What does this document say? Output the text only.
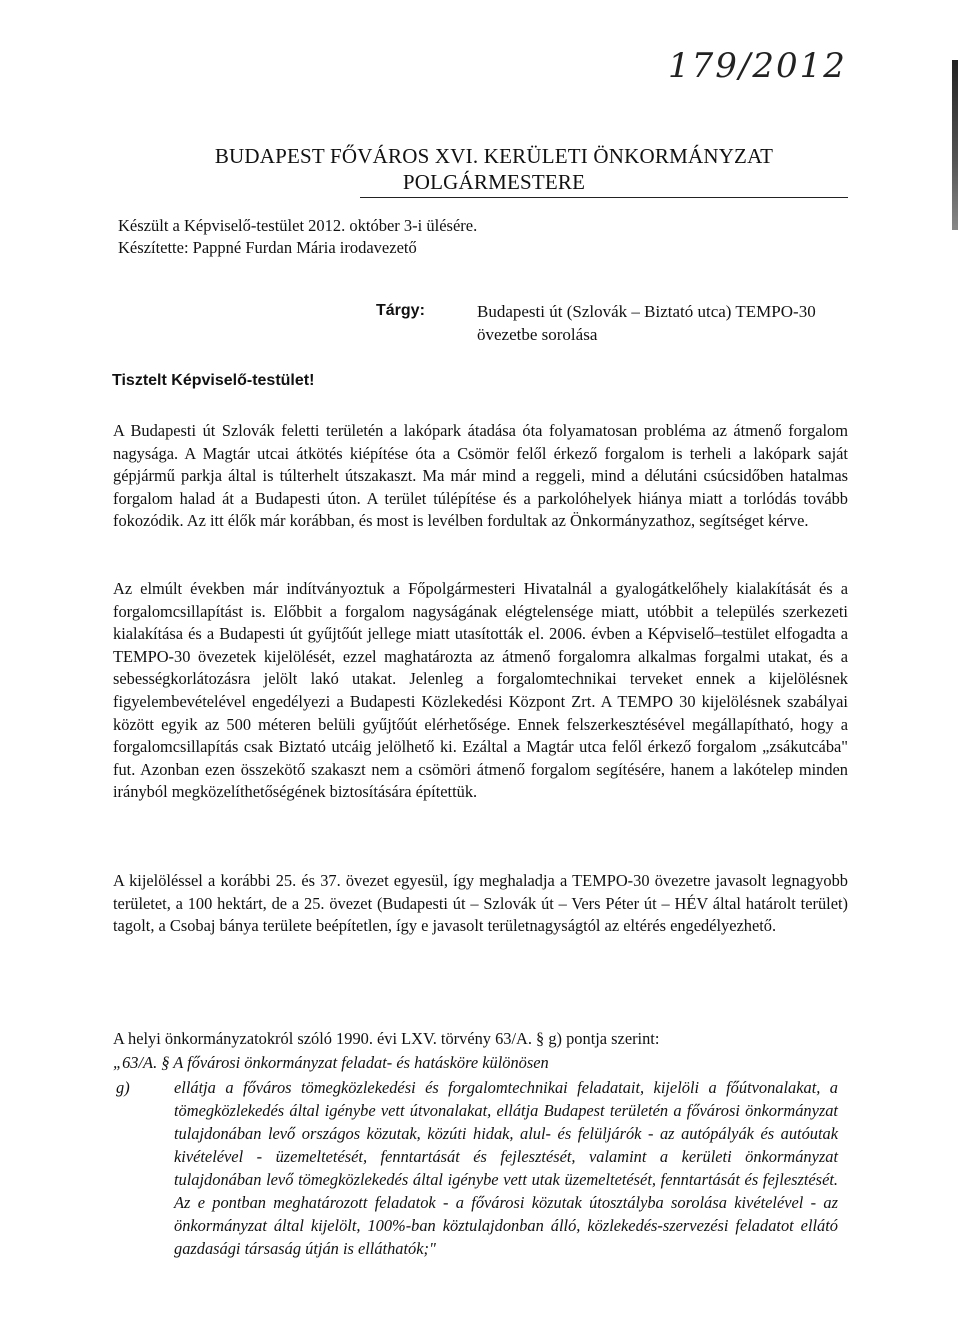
179/2012
BUDAPEST FŐVÁROS XVI. KERÜLETI ÖNKORMÁNYZAT
POLGÁRMESTERE
Készült a Képviselő-testület 2012. október 3-i ülésére.
Készítette: Pappné Furdan Mária irodavezető
Tárgy:	Budapesti út (Szlovák – Biztató utca) TEMPO-30 övezetbe sorolása
Tisztelt Képviselő-testület!
A Budapesti út Szlovák feletti területén a lakópark átadása óta folyamatosan probléma az átmenő forgalom nagysága. A Magtár utcai átkötés kiépítése óta a Csömör felől érkező forgalom is terheli a lakópark saját gépjármű parkja által is túlterhelt útszakaszt. Ma már mind a reggeli, mind a délutáni csúcsidőben hatalmas forgalom halad át a Budapesti úton. A terület túlépítése és a parkolóhelyek hiánya miatt a torlódás tovább fokozódik. Az itt élők már korábban, és most is levélben fordultak az Önkormányzathoz, segítséget kérve.
Az elmúlt években már indítványoztuk a Főpolgármesteri Hivatalnál a gyalogátkelőhely kialakítását és a forgalomcsillapítást is. Előbbit a forgalom nagyságának elégtelensége miatt, utóbbit a település szerkezeti kialakítása és a Budapesti út gyűjtőút jellege miatt utasították el. 2006. évben a Képviselő–testület elfogadta a TEMPO-30 övezetek kijelölését, ezzel maghatározta az átmenő forgalomra alkalmas forgalmi utakat, és a sebességkorlátozásra jelölt lakó utakat. Jelenleg a forgalomtechnikai terveket ennek a kijelölésnek figyelembevételével engedélyezi a Budapesti Közlekedési Központ Zrt. A TEMPO 30 kijelölésnek szabályai között egyik az 500 méteren belüli gyűjtőút elérhetősége. Ennek felszerkesztésével megállapítható, hogy a forgalomcsillapítás csak Biztató utcáig jelölhető ki. Ezáltal a Magtár utca felől érkező forgalom „zsákutcába" fut. Azonban ezen összekötő szakaszt nem a csömöri átmenő forgalom segítésére, hanem a lakótelep minden irányból megközelíthetőségének biztosítására építettük.
A kijelöléssel a korábbi 25. és 37. övezet egyesül, így meghaladja a TEMPO-30 övezetre javasolt legnagyobb területet, a 100 hektárt, de a 25. övezet (Budapesti út – Szlovák út – Vers Péter út – HÉV által határolt terület) tagolt, a Csobaj bánya területe beépítetlen, így e javasolt területnagyságtól az eltérés engedélyezhető.
A helyi önkormányzatokról szóló 1990. évi LXV. törvény 63/A. § g) pontja szerint:
„63/A. § A fővárosi önkormányzat feladat- és hatásköre különösen
g)	ellátja a főváros tömegközlekedési és forgalomtechnikai feladatait, kijelöli a főútvonalakat, a tömegközlekedés által igénybe vett útvonalakat, ellátja Budapest területén a fővárosi önkormányzat tulajdonában levő országos közutak, közúti hidak, alul- és felüljárók - az autópályák és autóutak kivételével - üzemeltetését, fenntartását és fejlesztését, valamint a kerületi önkormányzat tulajdonában levő tömegközlekedés által igénybe vett utak üzemeltetését, fenntartását és fejlesztését. Az e pontban meghatározott feladatok - a fővárosi közutak útosztályba sorolása kivételével - az önkormányzat által kijelölt, 100%-ban köztulajdonban álló, közlekedés-szervezési feladatot ellátó gazdasági társaság útján is elláthatók;"
